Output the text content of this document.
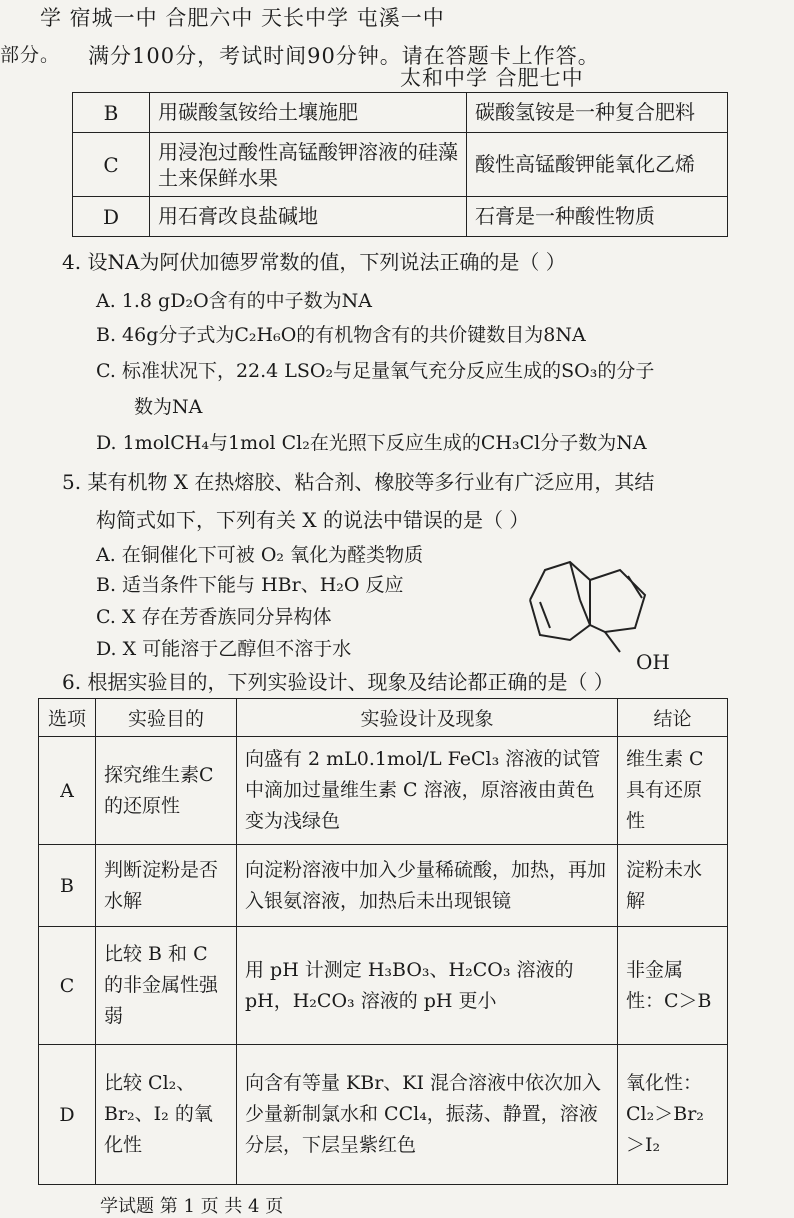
学 宿城一中 合肥六中 天长中学 屯溪一中
部分。 满分100分，考试时间90分钟。请在答题卡上作答。
太和中学 合肥七中
B	用碳酸氢铵给土壤施肥	碳酸氢铵是一种复合肥料
C	用浸泡过酸性高锰酸钾溶液的硅藻土来保鲜水果	酸性高锰酸钾能氧化乙烯
D	用石膏改良盐碱地	石膏是一种酸性物质
4. 设NA为阿伏加德罗常数的值，下列说法正确的是（ ）
A. 1.8 gD₂O含有的中子数为NA
B. 46g分子式为C₂H₆O的有机物含有的共价键数目为8NA
C. 标准状况下，22.4 LSO₂与足量氧气充分反应生成的SO₃的分子
数为NA
D. 1molCH₄与1mol Cl₂在光照下反应生成的CH₃Cl分子数为NA
5. 某有机物 X 在热熔胶、粘合剂、橡胶等多行业有广泛应用，其结
构简式如下，下列有关 X 的说法中错误的是（ ）
A. 在铜催化下可被 O₂ 氧化为醛类物质
B. 适当条件下能与 HBr、H₂O 反应
C. X 存在芳香族同分异构体
D. X 可能溶于乙醇但不溶于水
OH
6. 根据实验目的，下列实验设计、现象及结论都正确的是（ ）
选项	实验目的	实验设计及现象	结论
A	探究维生素C的还原性	向盛有 2 mL0.1mol/L FeCl₃ 溶液的试管中滴加过量维生素 C 溶液，原溶液由黄色变为浅绿色	维生素 C 具有还原性
B	判断淀粉是否水解	向淀粉溶液中加入少量稀硫酸，加热，再加入银氨溶液，加热后未出现银镜	淀粉未水解
C	比较 B 和 C 的非金属性强弱	用 pH 计测定 H₃BO₃、H₂CO₃ 溶液的 pH，H₂CO₃ 溶液的 pH 更小	非金属性：C＞B
D	比较 Cl₂、Br₂、I₂ 的氧化性	向含有等量 KBr、KI 混合溶液中依次加入少量新制氯水和 CCl₄，振荡、静置，溶液分层，下层呈紫红色	氧化性：Cl₂＞Br₂＞I₂
学试题 第 1 页 共 4 页
